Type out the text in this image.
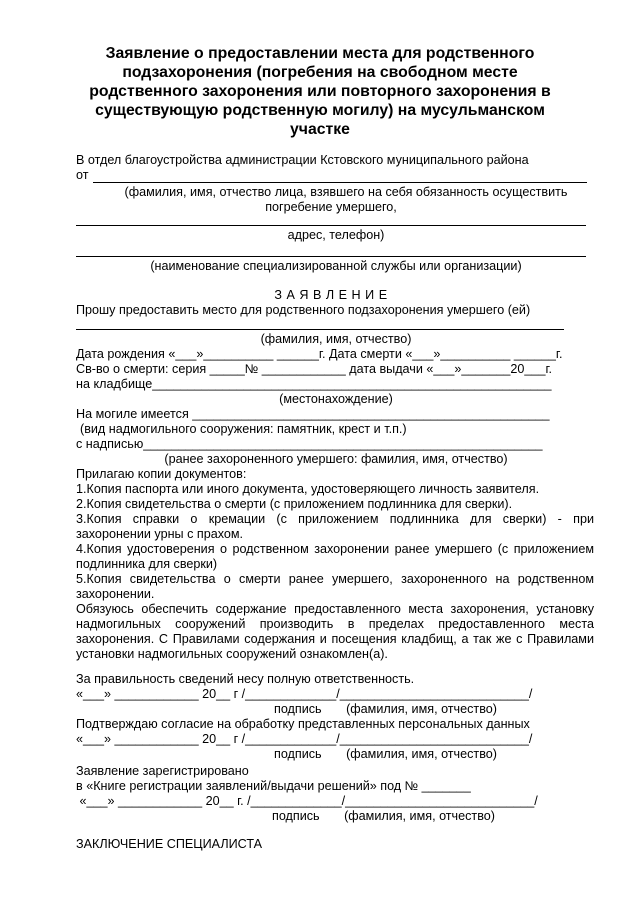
Заявление о предоставлении места для родственного
подзахоронения (погребения на свободном месте
родственного захоронения или повторного захоронения в
существующую родственную могилу) на мусульманском
участке
В отдел благоустройства администрации Кстовского муниципального района
от
(фамилия, имя, отчество лица, взявшего на себя обязанность осуществить
погребение умершего,
адрес, телефон)
(наименование специализированной службы или организации)
З А Я В Л Е Н И Е
Прошу предоставить место для родственного подзахоронения умершего (ей)
(фамилия, имя, отчество)
Дата рождения «___»__________ ______г. Дата смерти «___»__________ ______г.
Св-во о смерти: серия _____№ ____________ дата выдачи «___»_______20___г.
на кладбище_________________________________________________________
(местонахождение)
На могиле имеется ___________________________________________________
(вид надмогильного сооружения: памятник, крест и т.п.)
с надписью_________________________________________________________
(ранее захороненного умершего: фамилия, имя, отчество)
Прилагаю копии документов:
1.Копия паспорта или иного документа, удостоверяющего личность заявителя.
2.Копия свидетельства о смерти (с приложением подлинника для сверки).
3.Копия справки о кремации (с приложением подлинника для сверки) - при
захоронении урны с прахом.
4.Копия удостоверения о родственном захоронении ранее умершего (с приложением
подлинника для сверки)
5.Копия свидетельства о смерти ранее умершего, захороненного на родственном
захоронении.
Обязуюсь обеспечить содержание предоставленного места захоронения, установку
надмогильных сооружений производить в пределах предоставленного места
захоронения. С Правилами содержания и посещения кладбищ, а так же с Правилами
установки надмогильных сооружений ознакомлен(а).
За правильность сведений несу полную ответственность.
«___» ____________ 20__ г /_____________/___________________________/
подпись       (фамилия, имя, отчество)
Подтверждаю согласие на обработку представленных персональных данных
«___» ____________ 20__ г /_____________/___________________________/
подпись       (фамилия, имя, отчество)
Заявление зарегистрировано
в «Книге регистрации заявлений/выдачи решений» под № _______
«___» ____________ 20__ г. /_____________/___________________________/
подпись       (фамилия, имя, отчество)
ЗАКЛЮЧЕНИЕ СПЕЦИАЛИСТА
